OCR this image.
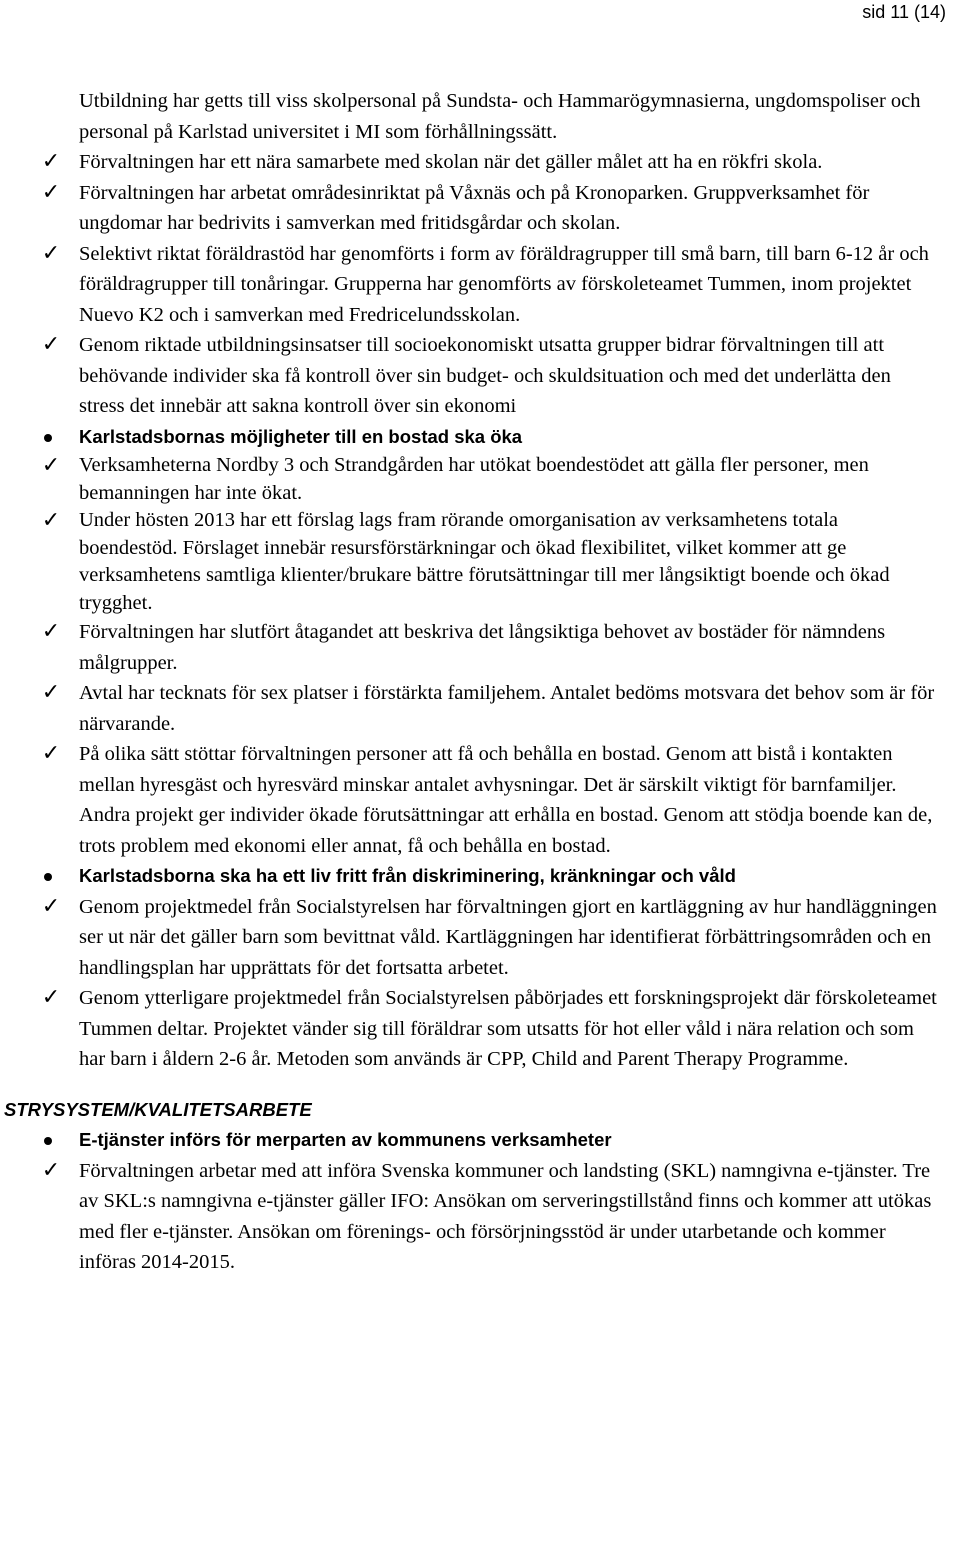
sid 11 (14)
Utbildning har getts till viss skolpersonal på Sundsta- och Hammarögymnasierna, ungdomspoliser och personal på Karlstad universitet i MI som förhållningssätt.
✓ Förvaltningen har ett nära samarbete med skolan när det gäller målet att ha en rökfri skola.
✓ Förvaltningen har arbetat områdesinriktat på Våxnäs och på Kronoparken. Gruppverksamhet för ungdomar har bedrivits i samverkan med fritidsgårdar och skolan.
✓ Selektivt riktat föräldrastöd har genomförts i form av föräldragrupper till små barn, till barn 6-12 år och föräldragrupper till tonåringar. Grupperna har genomförts av förskoleteamet Tummen, inom projektet Nuevo K2 och i samverkan med Fredricelundsskolan.
✓ Genom riktade utbildningsinsatser till socioekonomiskt utsatta grupper bidrar förvaltningen till att behövande individer ska få kontroll över sin budget- och skuldsituation och med det underlätta den stress det innebär att sakna kontroll över sin ekonomi
Karlstadsbornas möjligheter till en bostad ska öka
✓ Verksamheterna Nordby 3 och Strandgården har utökat boendestödet att gälla fler personer, men bemanningen har inte ökat.
✓ Under hösten 2013 har ett förslag lags fram rörande omorganisation av verksamhetens totala boendestöd. Förslaget innebär resursförstärkningar och ökad flexibilitet, vilket kommer att ge verksamhetens samtliga klienter/brukare bättre förutsättningar till mer långsiktigt boende och ökad trygghet.
✓ Förvaltningen har slutfört åtagandet att beskriva det långsiktiga behovet av bostäder för nämndens målgrupper.
✓ Avtal har tecknats för sex platser i förstärkta familjehem. Antalet bedöms motsvara det behov som är för närvarande.
✓ På olika sätt stöttar förvaltningen personer att få och behålla en bostad. Genom att bistå i kontakten mellan hyresgäst och hyresvärd minskar antalet avhysningar. Det är särskilt viktigt för barnfamiljer. Andra projekt ger individer ökade förutsättningar att erhålla en bostad. Genom att stödja boende kan de, trots problem med ekonomi eller annat, få och behålla en bostad.
Karlstadsborna ska ha ett liv fritt från diskriminering, kränkningar och våld
✓ Genom projektmedel från Socialstyrelsen har förvaltningen gjort en kartläggning av hur handläggningen ser ut när det gäller barn som bevittnat våld. Kartläggningen har identifierat förbättringsområden och en handlingsplan har upprättats för det fortsatta arbetet.
✓ Genom ytterligare projektmedel från Socialstyrelsen påbörjades ett forskningsprojekt där förskoleteamet Tummen deltar. Projektet vänder sig till föräldrar som utsatts för hot eller våld i nära relation och som har barn i åldern 2-6 år. Metoden som används är CPP, Child and Parent Therapy Programme.
STRYSYSTEM/KVALITETSARBETE
E-tjänster införs för merparten av kommunens verksamheter
✓ Förvaltningen arbetar med att införa Svenska kommuner och landsting (SKL) namngivna e-tjänster. Tre av SKL:s namngivna e-tjänster gäller IFO: Ansökan om serveringstillstånd finns och kommer att utökas med fler e-tjänster. Ansökan om förenings- och försörjningsstöd är under utarbetande och kommer införas 2014-2015.
